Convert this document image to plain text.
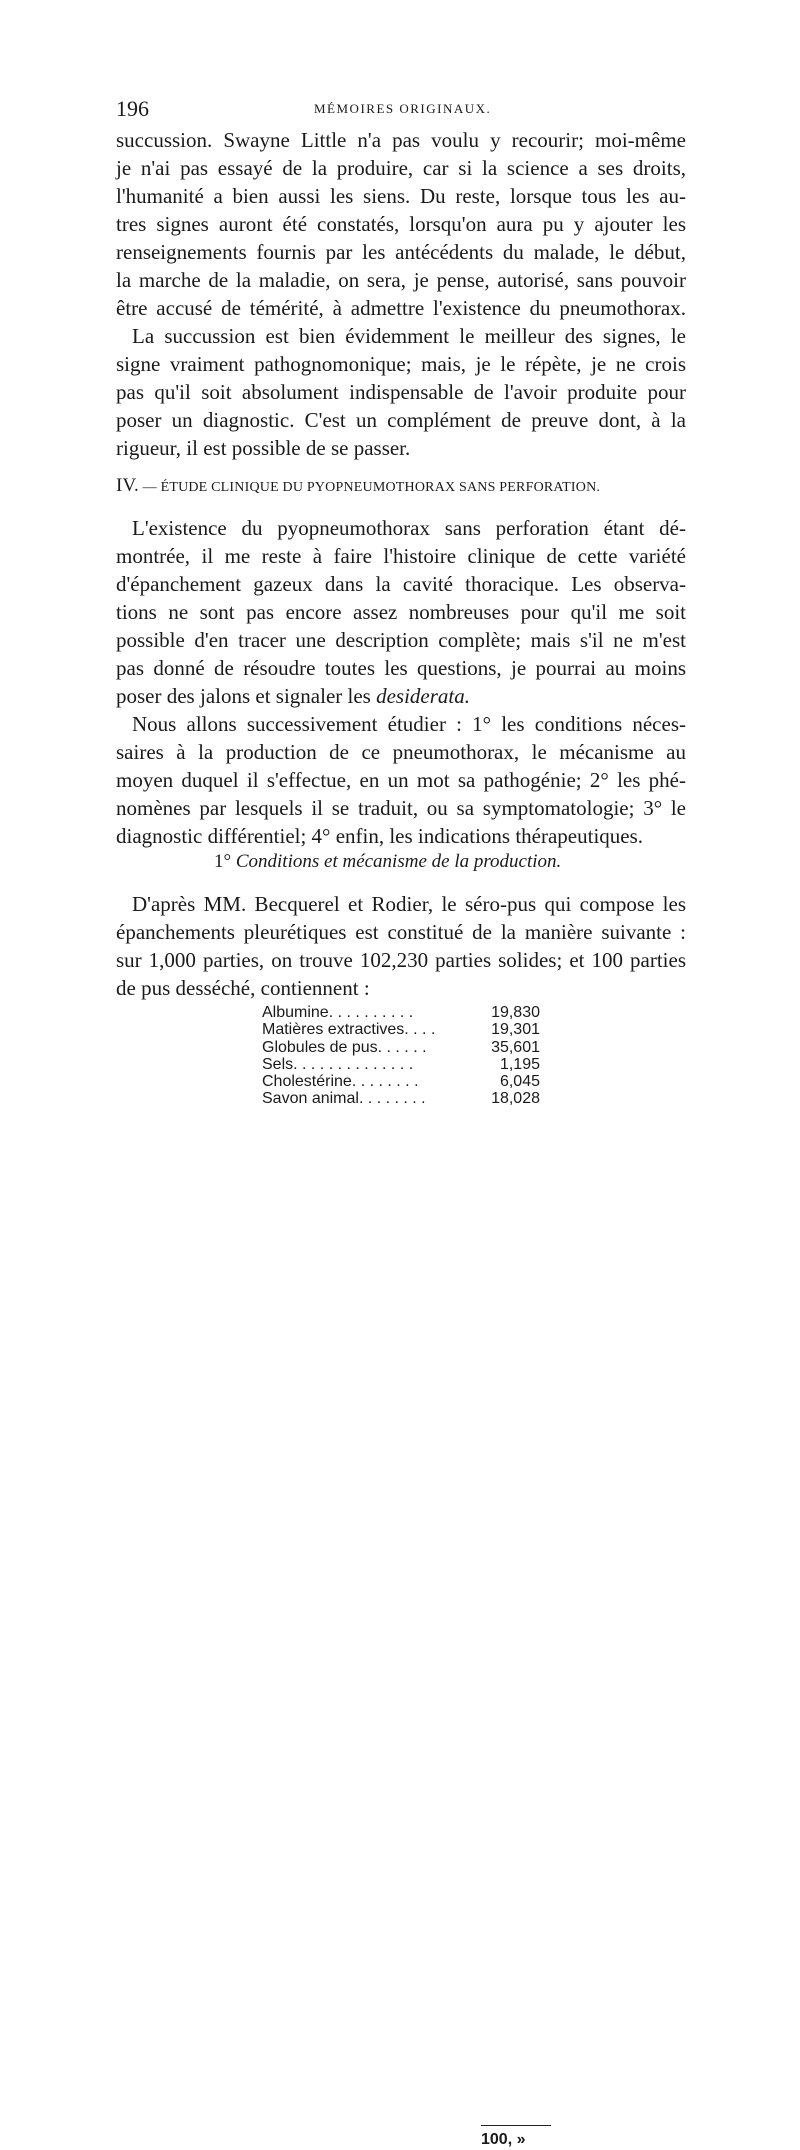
196	MÉMOIRES ORIGINAUX.
succussion. Swayne Little n'a pas voulu y recourir; moi-même
je n'ai pas essayé de la produire, car si la science a ses droits,
l'humanité a bien aussi les siens. Du reste, lorsque tous les au-
tres signes auront été constatés, lorsqu'on aura pu y ajouter les
renseignements fournis par les antécédents du malade, le début,
la marche de la maladie, on sera, je pense, autorisé, sans pouvoir
être accusé de témérité, à admettre l'existence du pneumothorax.
La succussion est bien évidemment le meilleur des signes, le
signe vraiment pathognomonique; mais, je le répète, je ne crois
pas qu'il soit absolument indispensable de l'avoir produite pour
poser un diagnostic. C'est un complément de preuve dont, à la
rigueur, il est possible de se passer.
IV. — ÉTUDE CLINIQUE DU PYOPNEUMOTHORAX SANS PERFORATION.
L'existence du pyopneumothorax sans perforation étant dé-
montrée, il me reste à faire l'histoire clinique de cette variété
d'épanchement gazeux dans la cavité thoracique. Les observa-
tions ne sont pas encore assez nombreuses pour qu'il me soit
possible d'en tracer une description complète; mais s'il ne m'est
pas donné de résoudre toutes les questions, je pourrai au moins
poser des jalons et signaler les desiderata.
Nous allons successivement étudier : 1° les conditions néces-
saires à la production de ce pneumothorax, le mécanisme au
moyen duquel il s'effectue, en un mot sa pathogénie; 2° les phé-
nomènes par lesquels il se traduit, ou sa symptomatologie; 3° le
diagnostic différentiel; 4° enfin, les indications thérapeutiques.
1° Conditions et mécanisme de la production.
D'après MM. Becquerel et Rodier, le séro-pus qui compose les
épanchements pleurétiques est constitué de la manière suivante :
sur 1,000 parties, on trouve 102,230 parties solides; et 100 parties
de pus desséché, contiennent :
Albumine. . . . . . . . . .	19,830
Matières extractives. . . .	19,301
Globules de pus. . . . . .	35,601
Sels. . . . . . . . . . . . . .	1,195
Cholestérine. . . . . . . .	6,045
Savon animal. . . . . . . .	18,028
100, »
